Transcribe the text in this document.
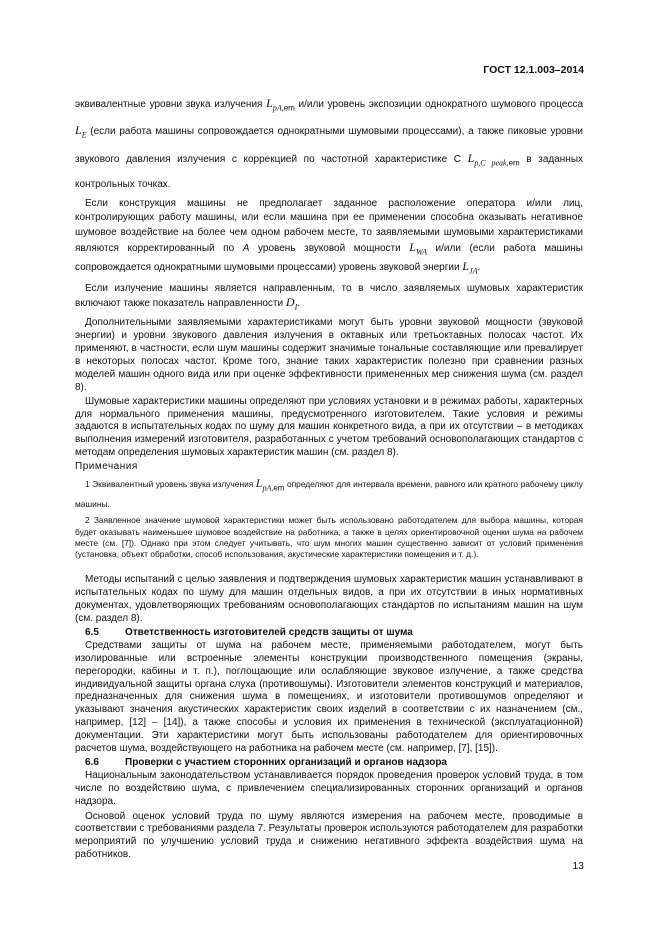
ГОСТ 12.1.003–2014

эквивалентные уровни звука излучения $L_{pA,em}$ и/или уровень экспозиции однократного шумового процесса $L_E$ (если работа машины сопровождается однократными шумовыми процессами), а также пиковые уровни звукового давления излучения с коррекцией по частотной характеристике С $L_{p,C peak,em}$ в заданных контрольных точках.

Если конструкция машины не предполагает заданное расположение оператора и/или лиц, контролирующих работу машины, или если машина при ее применении способна оказывать негативное шумовое воздействие на более чем одном рабочем месте, то заявляемыми шумовыми характеристиками являются корректированный по А уровень звуковой мощности $L_{WA}$ и/или (если работа машины сопровождается однократными шумовыми процессами) уровень звуковой энергии $L_{JA}$.

Если излучение машины является направленным, то в число заявляемых шумовых характеристик включают также показатель направленности $D_I$.

Дополнительными заявляемыми характеристиками могут быть уровни звуковой мощности (звуковой энергии) и уровни звукового давления излучения в октавных или третьоктавных полосах частот. Их применяют, в частности, если шум машины содержит значимые тональные составляющие или превалирует в некоторых полосах частот. Кроме того, знание таких характеристик полезно при сравнении разных моделей машин одного вида или при оценке эффективности примененных мер снижения шума (см. раздел 8).

Шумовые характеристики машины определяют при условиях установки и в режимах работы, характерных для нормального применения машины, предусмотренного изготовителем. Такие условия и режимы задаются в испытательных кодах по шуму для машин конкретного вида, а при их отсутствии – в методиках выполнения измерений изготовителя, разработанных с учетом требований основополагающих стандартов с методам определения шумовых характеристик машин (см. раздел 8).

Примечания

1 Эквивалентный уровень звука излучения $L_{pA,em}$ определяют для интервала времени, равного или кратного рабочему циклу машины.

2 Заявленное значение шумовой характеристики может быть использовано работодателем для выбора машины, которая будет оказывать наименьшее шумовое воздействие на работника, а также в целях ориентировочной оценки шума на рабочем месте (см. [7]). Однако при этом следует учитывать, что шум многих машин существенно зависит от условий применения (установка, объект обработки, способ использования, акустические характеристики помещения и т. д.).

Методы испытаний с целью заявления и подтверждения шумовых характеристик машин устанавливают в испытательных кодах по шуму для машин отдельных видов, а при их отсутствии в иных нормативных документах, удовлетворяющих требованиям основополагающих стандартов по испытаниям машин на шум (см. раздел 8).

6.5	Ответственность изготовителей средств защиты от шума

Средствами защиты от шума на рабочем месте, применяемыми работодателем, могут быть изолированные или встроенные элементы конструкции производственного помещения (экраны, перегородки, кабины и т. п.), поглощающие или ослабляющие звуковое излучение, а также средства индивидуальной защиты органа слуха (противошумы). Изготовители элементов конструкций и материалов, предназначенных для снижения шума в помещениях, и изготовители противошумов определяют и указывают значения акустических характеристик своих изделий в соответствии с их назначением (см., например, [12] – [14]), а также способы и условия их применения в технической (эксплуатационной) документации. Эти характеристики могут быть использованы работодателем для ориентировочных расчетов шума, воздействующего на работника на рабочем месте (см. например, [7], [15]).

6.6	Проверки с участием сторонних организаций и органов надзора

Национальным законодательством устанавливается порядок проведения проверок условий труда, в том числе по воздействию шума, с привлечением специализированных сторонних организаций и органов надзора.

Основой оценок условий труда по шуму являются измерения на рабочем месте, проводимые в соответствии с требованиями раздела 7. Результаты проверок используются работодателем для разработки мероприятий по улучшению условий труда и снижению негативного эффекта воздействия шума на работников.

13
